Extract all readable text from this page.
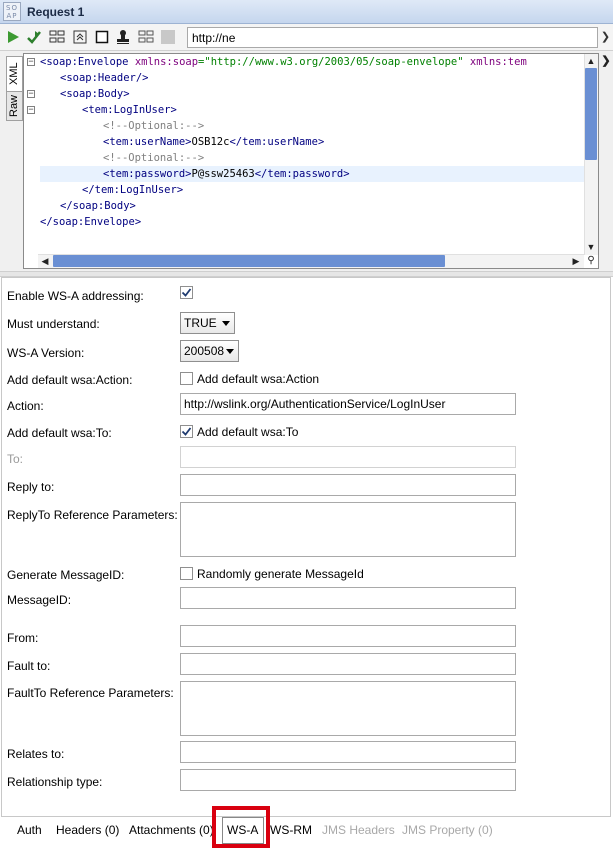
SO AP Request 1
http://ne	❯
XML
Raw
−
−
−
<soap:Envelope xmlns:soap="http://www.w3.org/2003/05/soap-envelope" xmlns:tem
<soap:Header/>
<soap:Body>
<tem:LogInUser>
<!--Optional:-->
<tem:userName>OSB12c</tem:userName>
<!--Optional:-->
<tem:password>P@ssw25463</tem:password>
</tem:LogInUser>
</soap:Body>
</soap:Envelope>
▲
▼
◀	▶ ⚲
❯
Enable WS-A addressing:
Must understand:	TRUE
WS-A Version:	200508
Add default wsa:Action:	Add default wsa:Action
Action:	http://wslink.org/AuthenticationService/LogInUser
Add default wsa:To:	Add default wsa:To
To:
Reply to:
ReplyTo Reference Parameters:
Generate MessageID:	Randomly generate MessageId
MessageID:
From:
Fault to:
FaultTo Reference Parameters:
Relates to:
Relationship type:
Auth Headers (0) Attachments (0) WS-A WS-RM JMS Headers JMS Property (0)
